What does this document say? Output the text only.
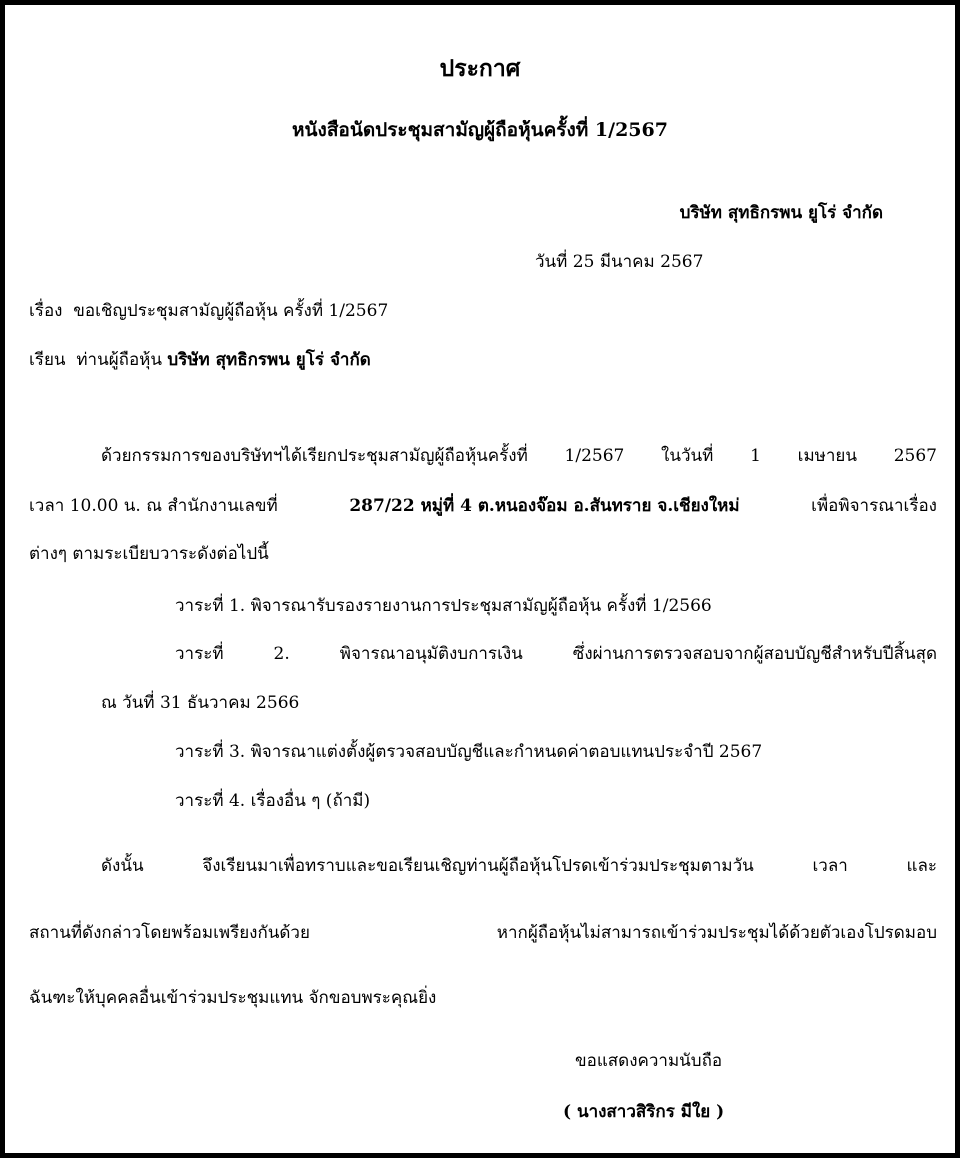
ประกาศ
หนังสือนัดประชุมสามัญผู้ถือหุ้นครั้งที่ 1/2567
บริษัท สุทธิกรพน ยูโร่ จำกัด
วันที่ 25 มีนาคม 2567
เรื่อง ขอเชิญประชุมสามัญผู้ถือหุ้น ครั้งที่ 1/2567
เรียน ท่านผู้ถือหุ้น บริษัท สุทธิกรพน ยูโร่ จำกัด
ด้วยกรรมการของบริษัทฯได้เรียกประชุมสามัญผู้ถือหุ้นครั้งที่ 1/2567 ในวันที่ 1 เมษายน 2567
เวลา 10.00 น. ณ สำนักงานเลขที่	287/22 หมู่ที่ 4 ต.หนองจ๊อม อ.สันทราย จ.เชียงใหม่	เพื่อพิจารณาเรื่อง
ต่างๆ ตามระเบียบวาระดังต่อไปนี้
วาระที่ 1. พิจารณารับรองรายงานการประชุมสามัญผู้ถือหุ้น ครั้งที่ 1/2566
วาระที่ 2. พิจารณาอนุมัติงบการเงิน ซึ่งผ่านการตรวจสอบจากผู้สอบบัญชีสำหรับปีสิ้นสุด
ณ วันที่ 31 ธันวาคม 2566
วาระที่ 3. พิจารณาแต่งตั้งผู้ตรวจสอบบัญชีและกำหนดค่าตอบแทนประจำปี 2567
วาระที่ 4. เรื่องอื่น ๆ (ถ้ามี)
ดังนั้น จึงเรียนมาเพื่อทราบและขอเรียนเชิญท่านผู้ถือหุ้นโปรดเข้าร่วมประชุมตามวัน เวลา และ
สถานที่ดังกล่าวโดยพร้อมเพรียงกันด้วย หากผู้ถือหุ้นไม่สามารถเข้าร่วมประชุมได้ด้วยตัวเองโปรดมอบ
ฉันฑะให้บุคคลอื่นเข้าร่วมประชุมแทน จักขอบพระคุณยิ่ง
ขอแสดงความนับถือ
( นางสาวสิริกร มีใย )
